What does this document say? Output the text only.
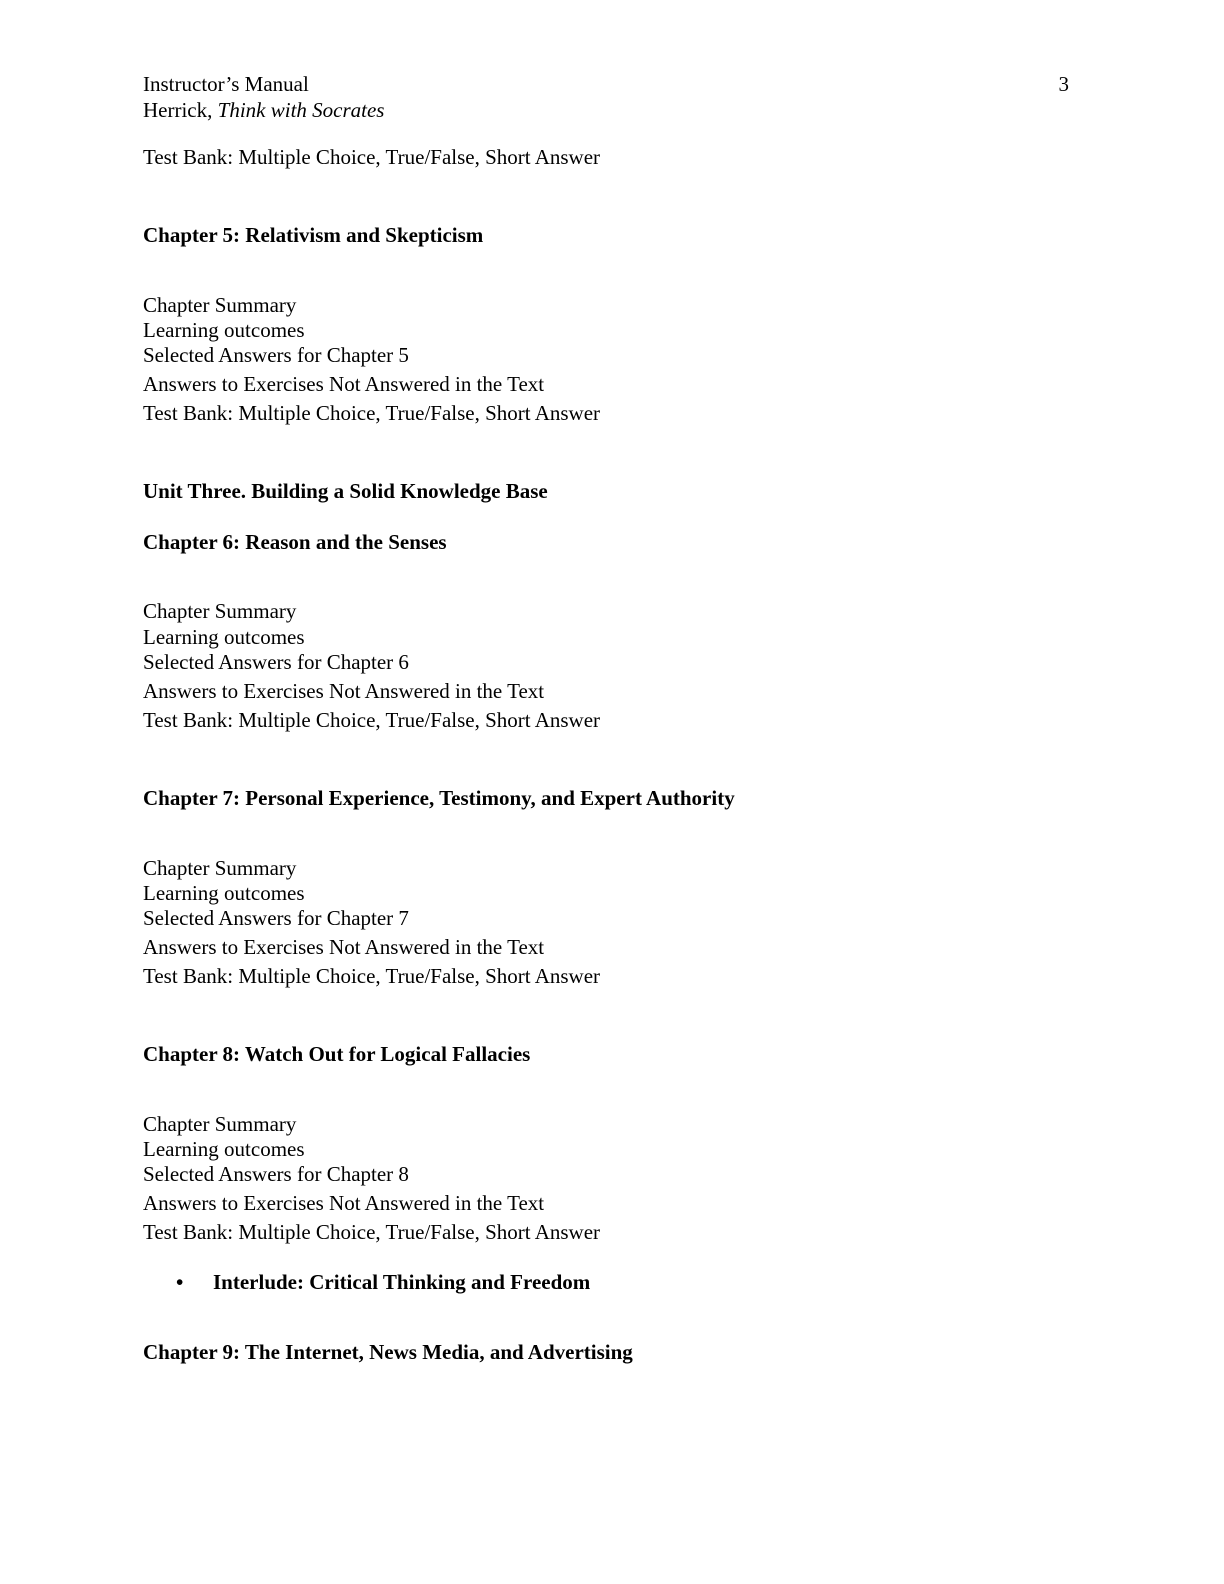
Instructor’s Manual	3
Herrick, Think with Socrates
Test Bank: Multiple Choice, True/False, Short Answer
Chapter 5: Relativism and Skepticism
Chapter Summary
Learning outcomes
Selected Answers for Chapter 5
Answers to Exercises Not Answered in the Text
Test Bank: Multiple Choice, True/False, Short Answer
Unit Three. Building a Solid Knowledge Base
Chapter 6: Reason and the Senses
Chapter Summary
Learning outcomes
Selected Answers for Chapter 6
Answers to Exercises Not Answered in the Text
Test Bank: Multiple Choice, True/False, Short Answer
Chapter 7: Personal Experience, Testimony, and Expert Authority
Chapter Summary
Learning outcomes
Selected Answers for Chapter 7
Answers to Exercises Not Answered in the Text
Test Bank: Multiple Choice, True/False, Short Answer
Chapter 8: Watch Out for Logical Fallacies
Chapter Summary
Learning outcomes
Selected Answers for Chapter 8
Answers to Exercises Not Answered in the Text
Test Bank: Multiple Choice, True/False, Short Answer
• Interlude: Critical Thinking and Freedom
Chapter 9: The Internet, News Media, and Advertising
